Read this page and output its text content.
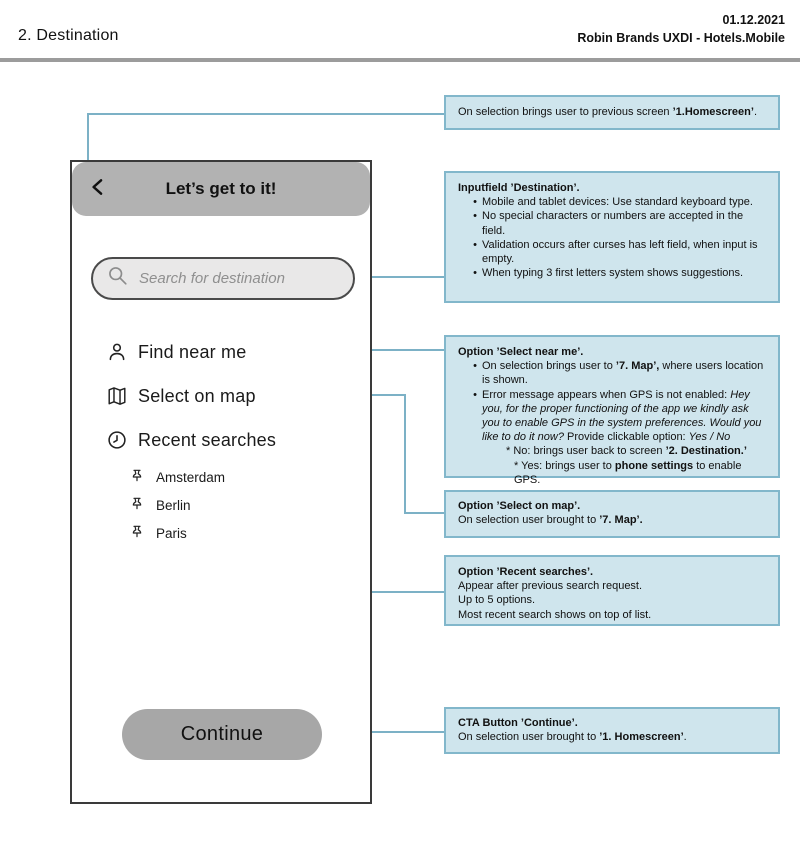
2. Destination
01.12.2021
Robin Brands UXDI - Hotels.Mobile
On selection brings user to previous screen ’1.Homescreen’.
Inputfield ’Destination’.
• Mobile and tablet devices: Use standard keyboard type.
• No special characters or numbers are accepted in the field.
• Validation occurs after curses has left field, when input is empty.
• When typing 3 first letters system shows suggestions.
Option ’Select near me’.
• On selection brings user to ’7. Map’, where users location is shown.
• Error message appears when GPS is not enabled: Hey you, for the proper functioning of the app we kindly ask you to enable GPS in the system preferences. Would you like to do it now? Provide clickable option: Yes / No
* No: brings user back to screen ’2. Destination.’
* Yes: brings user to phone settings to enable GPS.
Option ’Select on map’.
On selection user brought to ’7. Map’.
Option ’Recent searches’.
Appear after previous search request.
Up to 5 options.
Most recent search shows on top of list.
CTA Button ’Continue’.
On selection user brought to ’1. Homescreen’.
Let’s get to it!
Search for destination
Find near me
Select on map
Recent searches
Amsterdam
Berlin
Paris
Continue
